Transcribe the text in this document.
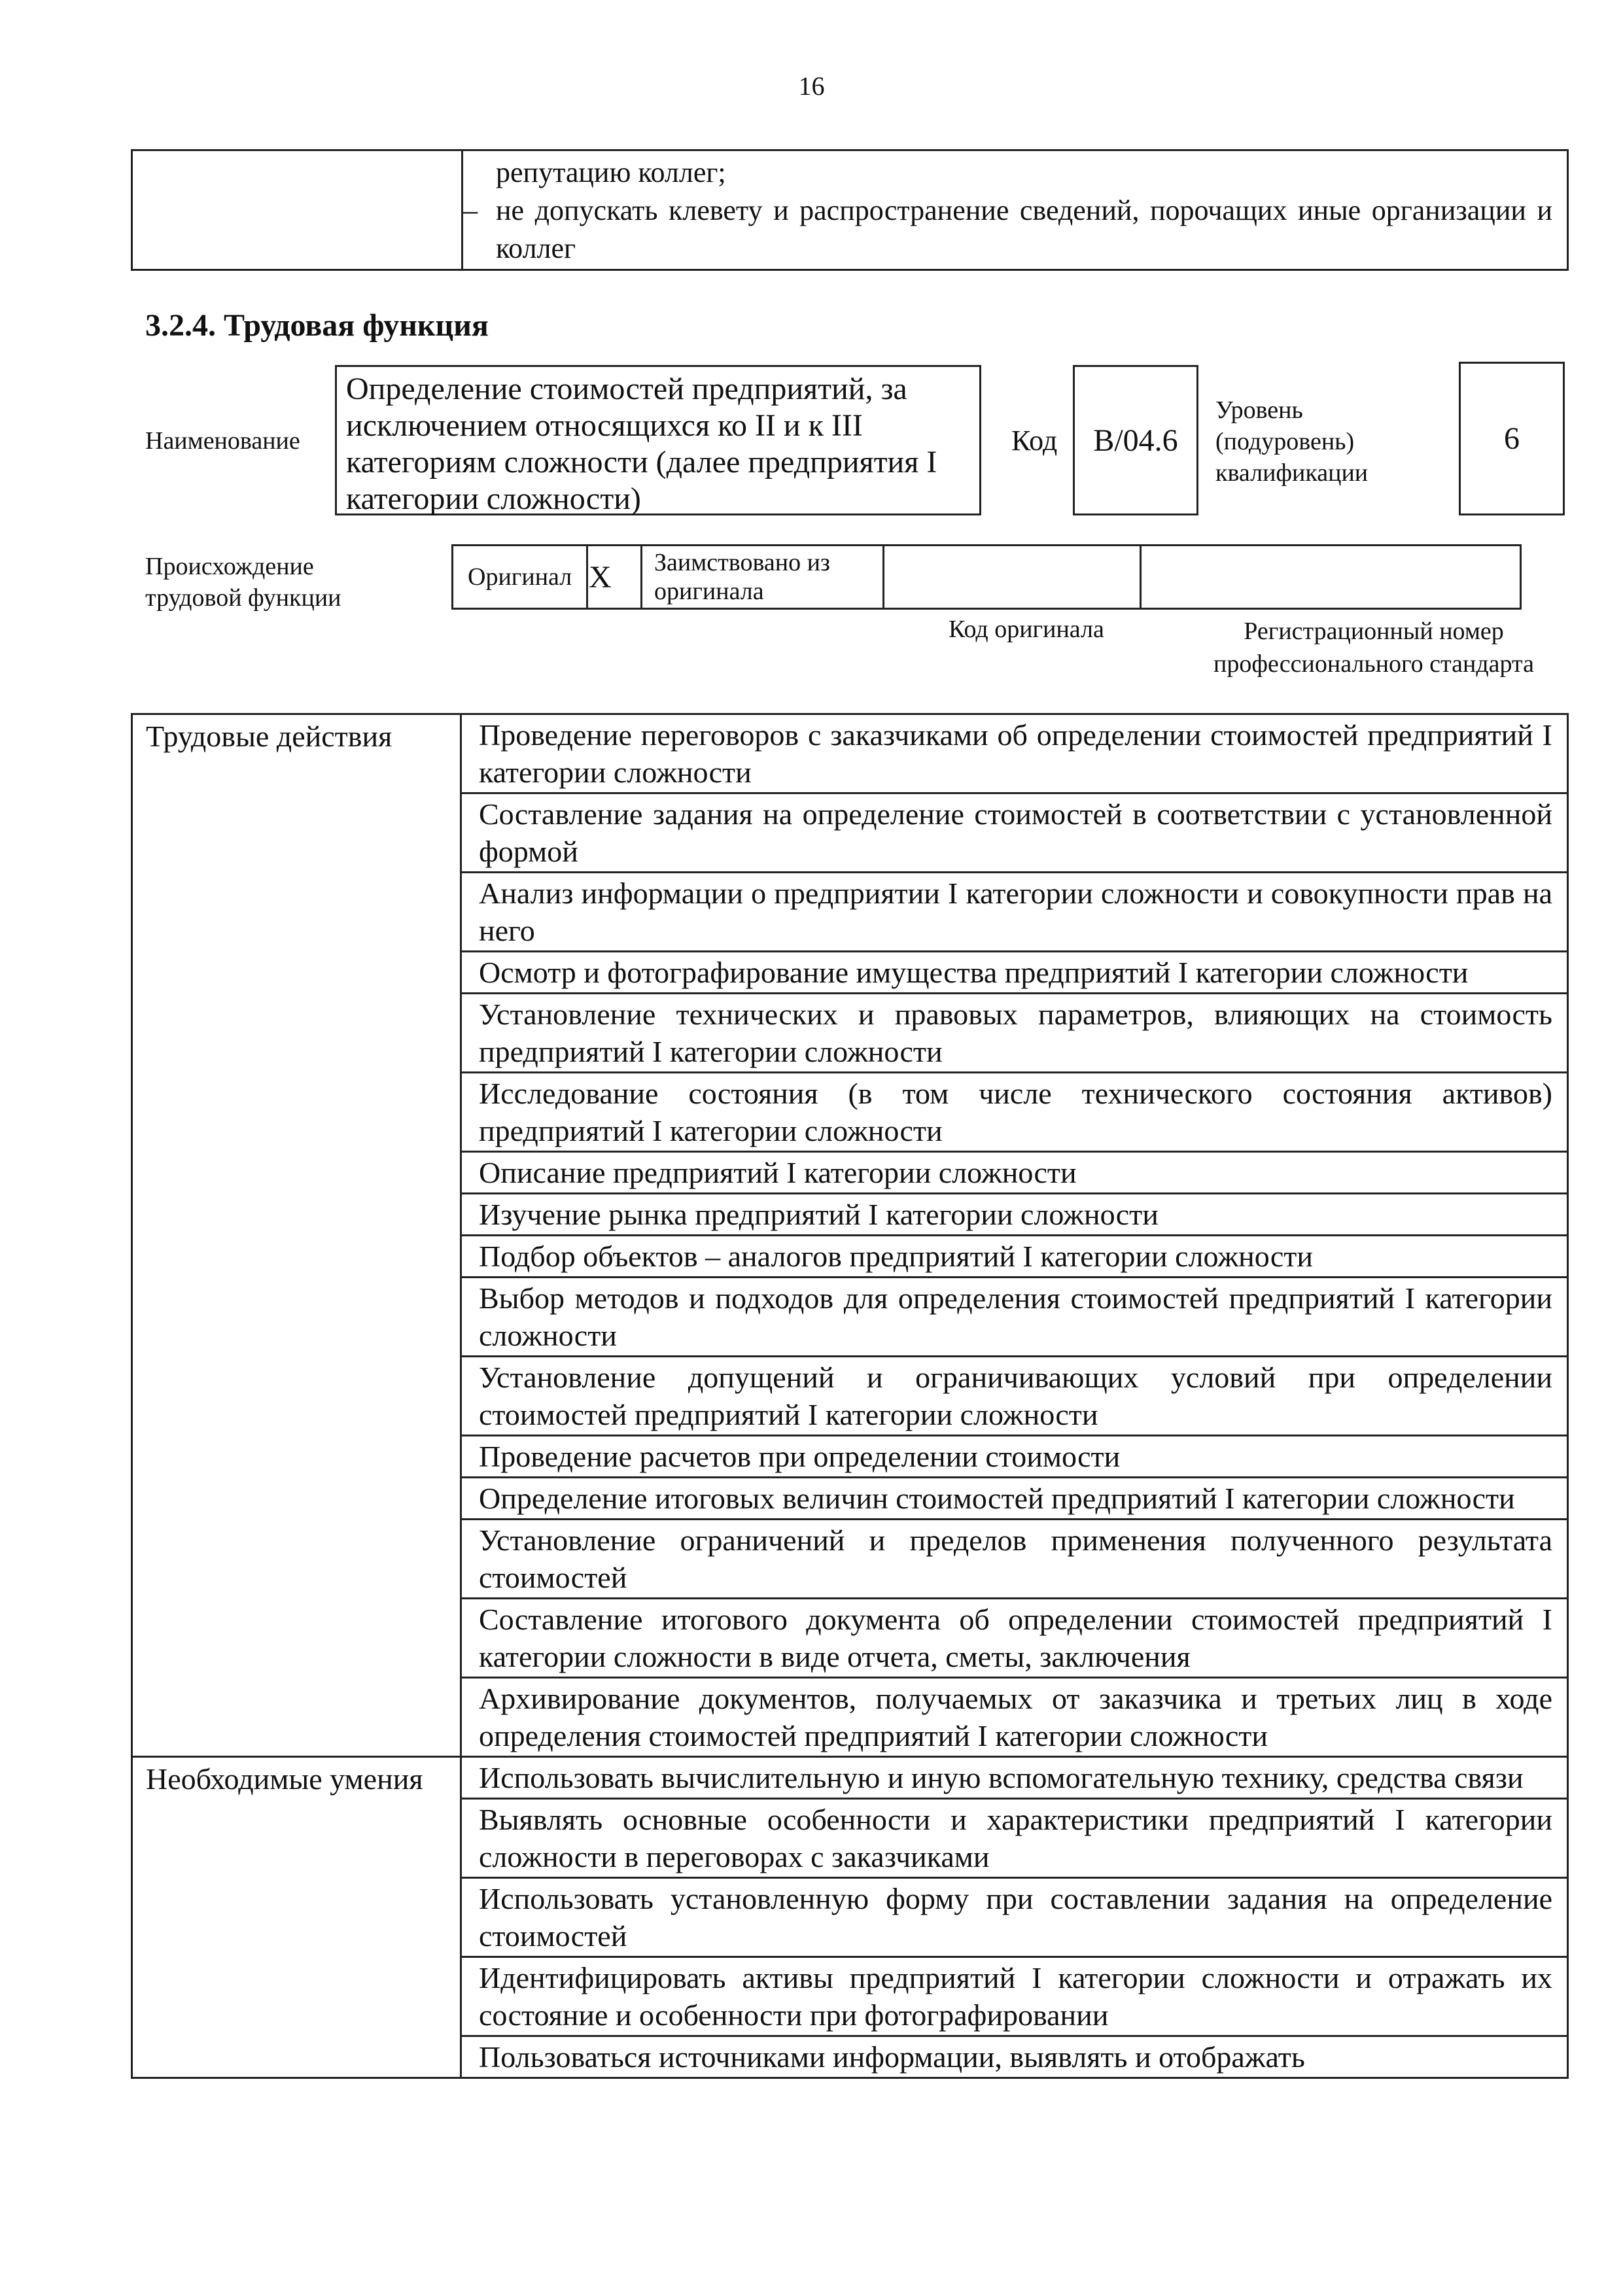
16

репутацию коллег;
– не допускать клевету и распространение сведений, порочащих иные организации и коллег
3.2.4. Трудовая функция
Наименование
Определение стоимостей предприятий, за исключением относящихся ко II и к III категориям сложности (далее предприятия I категории сложности)
Код B/04.6
Уровень (подуровень) квалификации
6
Происхождение трудовой функции
Оригинал	X	Заимствовано из оригинала		
Код оригинала	Регистрационный номер профессионального стандарта
Трудовые действия	Проведение переговоров с заказчиками об определении стоимостей предприятий I категории сложности
	Составление задания на определение стоимостей в соответствии с установленной формой
	Анализ информации о предприятии I категории сложности и совокупности прав на него
	Осмотр и фотографирование имущества предприятий I категории сложности
	Установление технических и правовых параметров, влияющих на стоимость предприятий I категории сложности
	Исследование состояния (в том числе технического состояния активов) предприятий I категории сложности
	Описание предприятий I категории сложности
	Изучение рынка предприятий I категории сложности
	Подбор объектов – аналогов предприятий I категории сложности
	Выбор методов и подходов для определения стоимостей предприятий I категории сложности
	Установление допущений и ограничивающих условий при определении стоимостей предприятий I категории сложности
	Проведение расчетов при определении стоимости
	Определение итоговых величин стоимостей предприятий I категории сложности
	Установление ограничений и пределов применения полученного результата стоимостей
	Составление итогового документа об определении стоимостей предприятий I категории сложности в виде отчета, сметы, заключения
	Архивирование документов, получаемых от заказчика и третьих лиц в ходе определения стоимостей предприятий I категории сложности
Необходимые умения	Использовать вычислительную и иную вспомогательную технику, средства связи
	Выявлять основные особенности и характеристики предприятий I категории сложности в переговорах с заказчиками
	Использовать установленную форму при составлении задания на определение стоимостей
	Идентифицировать активы предприятий I категории сложности и отражать их состояние и особенности при фотографировании
	Пользоваться источниками информации, выявлять и отображать
